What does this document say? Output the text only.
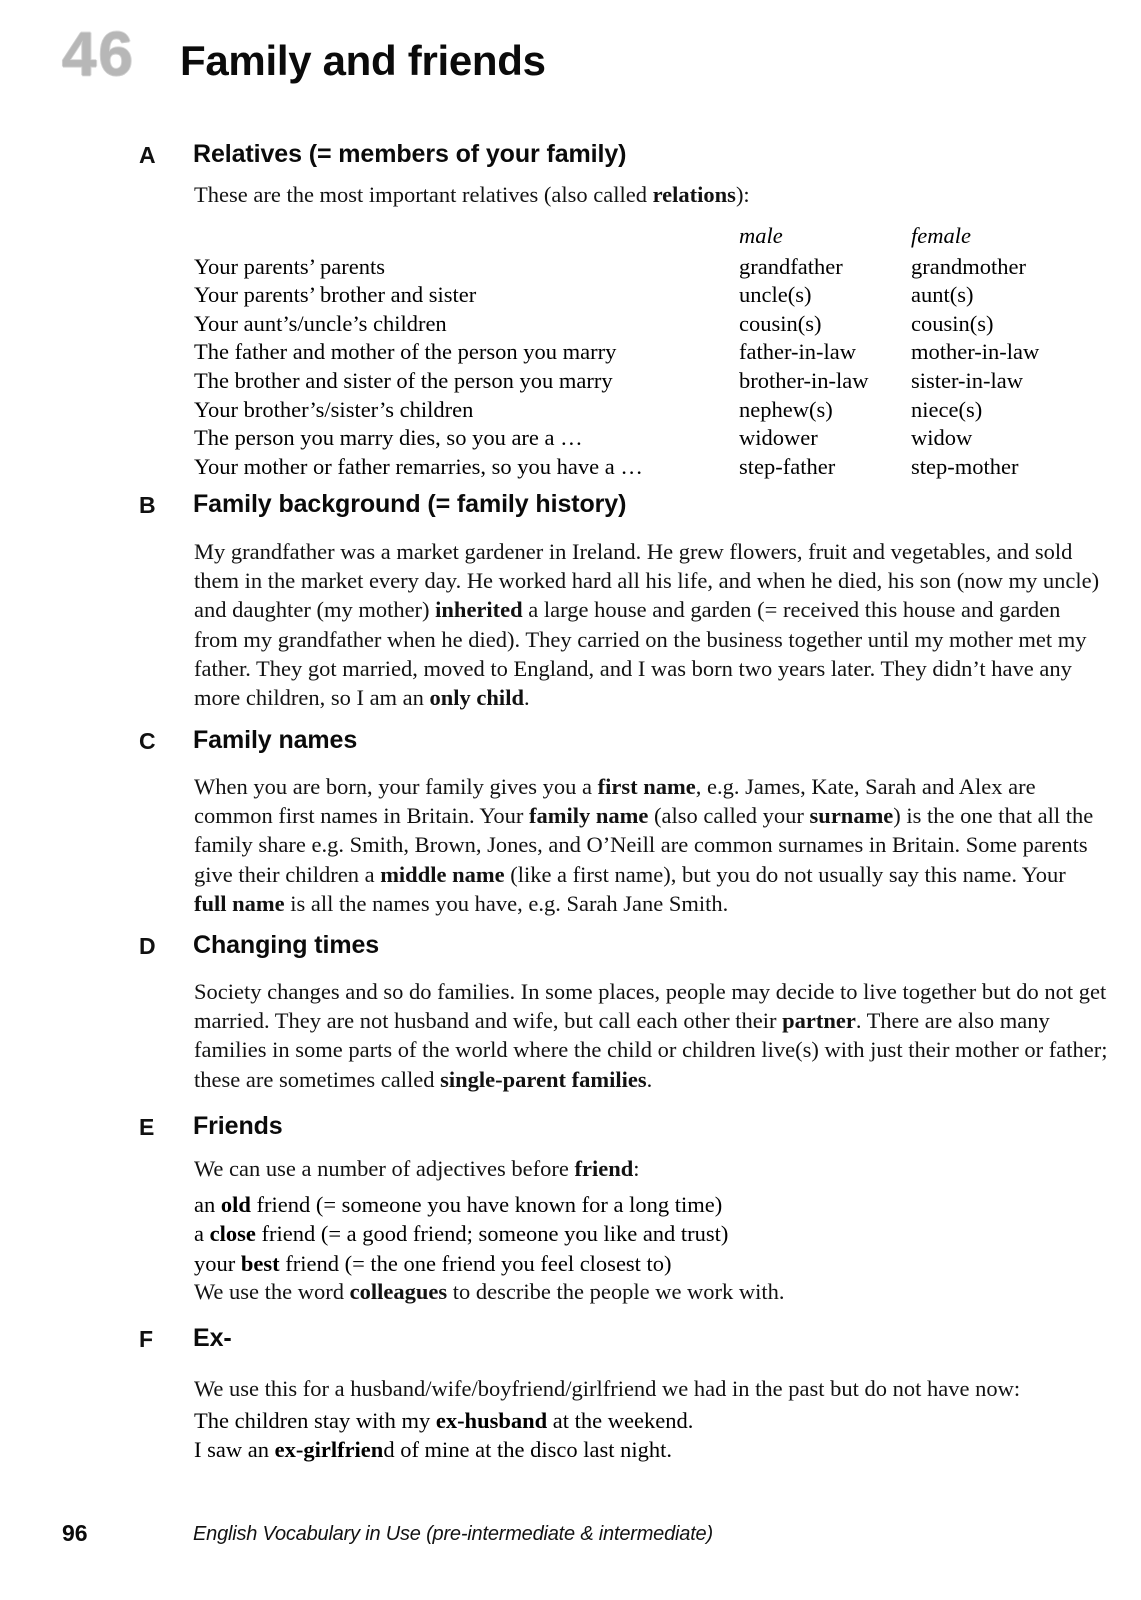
46	Family and friends
A	Relatives (= members of your family)
These are the most important relatives (also called relations):
	male	female
Your parents’ parents	grandfather	grandmother
Your parents’ brother and sister	uncle(s)	aunt(s)
Your aunt’s/uncle’s children	cousin(s)	cousin(s)
The father and mother of the person you marry	father-in-law	mother-in-law
The brother and sister of the person you marry	brother-in-law	sister-in-law
Your brother’s/sister’s children	nephew(s)	niece(s)
The person you marry dies, so you are a …	widower	widow
Your mother or father remarries, so you have a …	step-father	step-mother
B	Family background (= family history)
My grandfather was a market gardener in Ireland. He grew flowers, fruit and vegetables, and sold them in the market every day. He worked hard all his life, and when he died, his son (now my uncle) and daughter (my mother) inherited a large house and garden (= received this house and garden from my grandfather when he died). They carried on the business together until my mother met my father. They got married, moved to England, and I was born two years later. They didn’t have any more children, so I am an only child.
C	Family names
When you are born, your family gives you a first name, e.g. James, Kate, Sarah and Alex are common first names in Britain. Your family name (also called your surname) is the one that all the family share e.g. Smith, Brown, Jones, and O’Neill are common surnames in Britain. Some parents give their children a middle name (like a first name), but you do not usually say this name. Your full name is all the names you have, e.g. Sarah Jane Smith.
D	Changing times
Society changes and so do families. In some places, people may decide to live together but do not get married. They are not husband and wife, but call each other their partner. There are also many families in some parts of the world where the child or children live(s) with just their mother or father; these are sometimes called single-parent families.
E	Friends
We can use a number of adjectives before friend:
an old friend (= someone you have known for a long time)
a close friend (= a good friend; someone you like and trust)
your best friend (= the one friend you feel closest to)
We use the word colleagues to describe the people we work with.
F	Ex-
We use this for a husband/wife/boyfriend/girlfriend we had in the past but do not have now:
The children stay with my ex-husband at the weekend.
I saw an ex-girlfriend of mine at the disco last night.
96	English Vocabulary in Use (pre-intermediate & intermediate)
